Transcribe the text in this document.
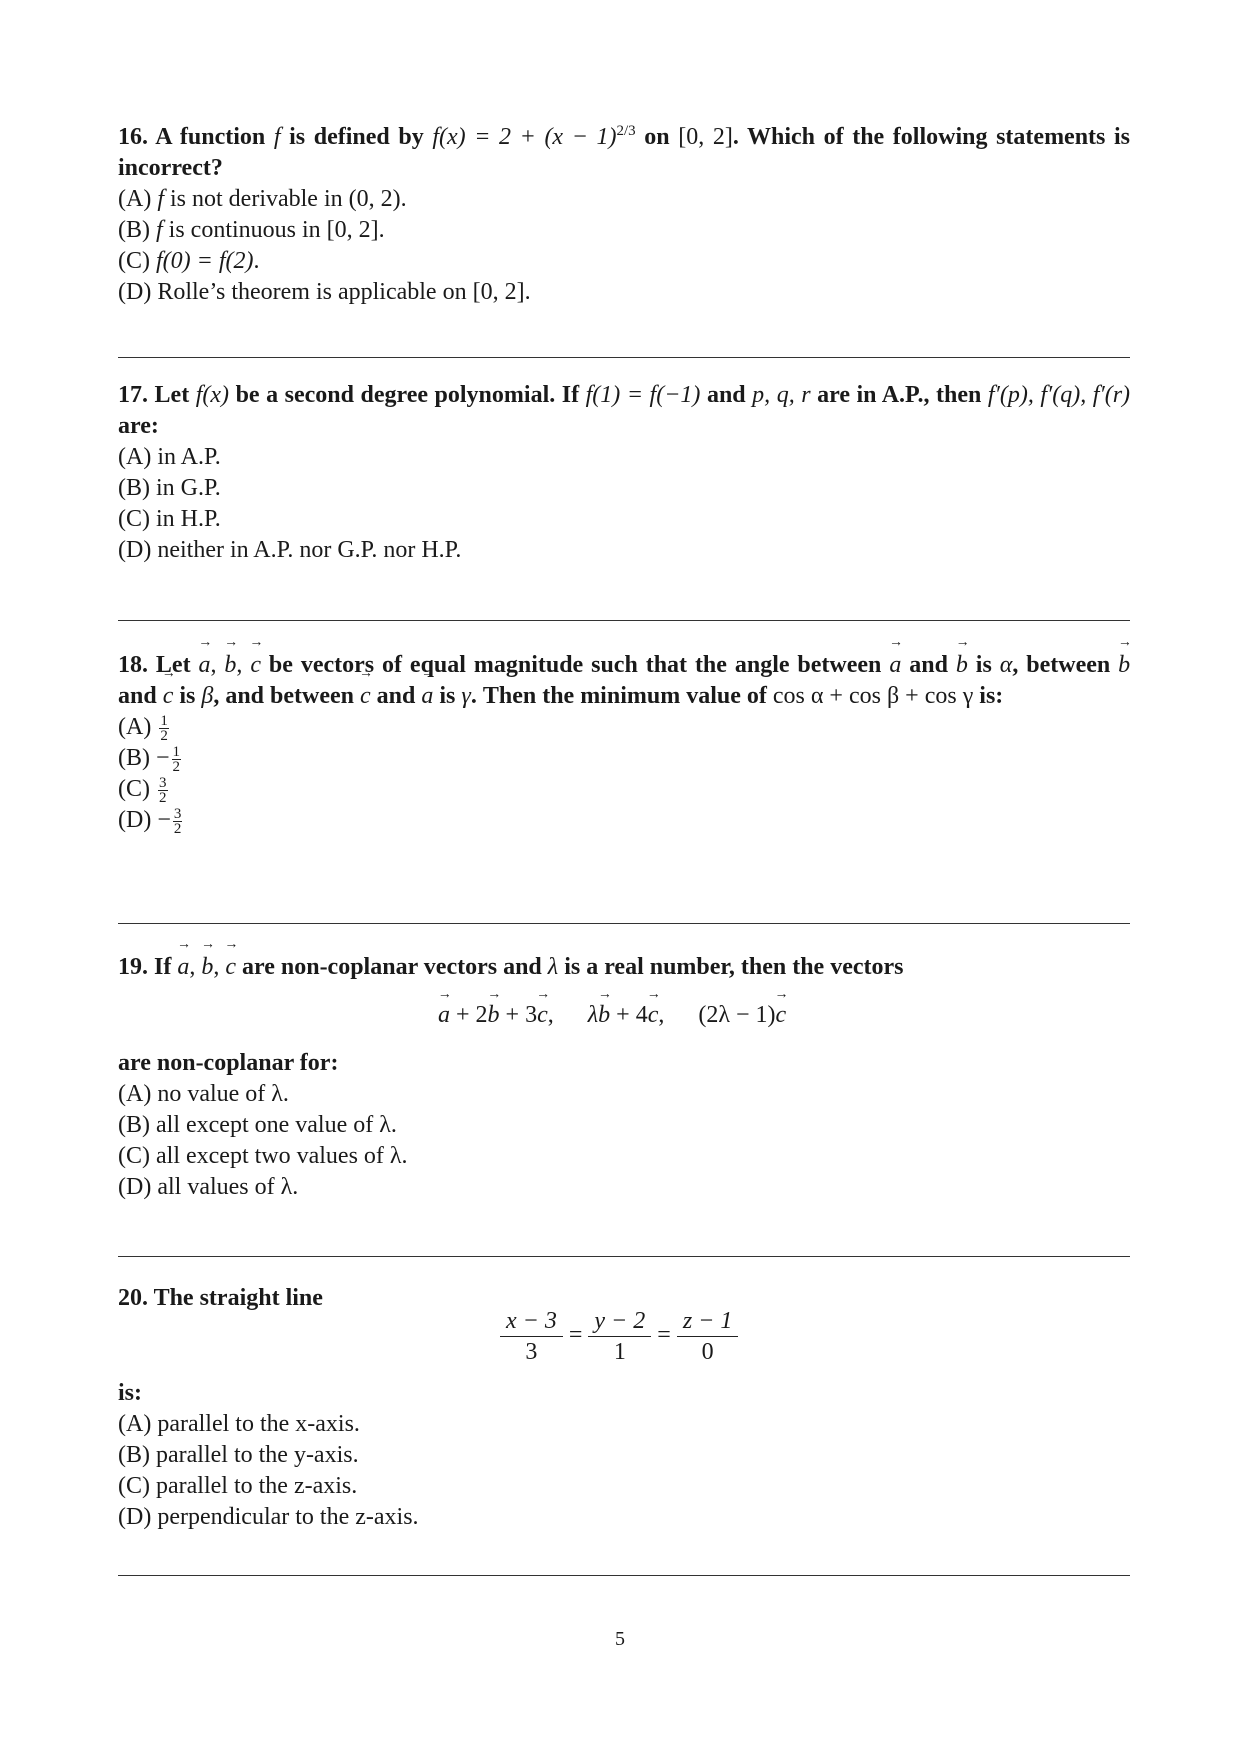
16. A function f is defined by $f(x) = 2 + (x - 1)^{2/3}$ on [0, 2]. Which of the following statements is incorrect?
(A) f is not derivable in (0, 2).
(B) f is continuous in [0, 2].
(C) f(0) = f(2).
(D) Rolle’s theorem is applicable on [0, 2].
17. Let f(x) be a second degree polynomial. If f(1) = f(−1) and p, q, r are in A.P., then f′(p), f′(q), f′(r) are:
(A) in A.P.
(B) in G.P.
(C) in H.P.
(D) neither in A.P. nor G.P. nor H.P.
18. Let → a, → b, → c be vectors of equal magnitude such that the angle between → a and → b is α, between → b and → c is β, and between → c and → a is γ. Then the minimum value of cos α + cos β + cos γ is:
$(A) \frac{1}{2}$
$(B) - \frac{1}{2}$
$(C) \frac{3}{2}$
$(D) - \frac{3}{2}$
19. If → a, → b, → c are non-coplanar vectors and λ is a real number, then the vectors
→ a + 2→ b + 3→ c, λ→ b + 4→ c, (2λ − 1)→ c
are non-coplanar for:
(A) no value of λ.
(B) all except one value of λ.
(C) all except two values of λ.
(D) all values of λ.
20. The straight line
$\frac{x - 3}{3} = \frac{y - 2}{1} = \frac{z - 1}{0}$
is:
(A) parallel to the x-axis.
(B) parallel to the y-axis.
(C) parallel to the z-axis.
(D) perpendicular to the z-axis.
5
